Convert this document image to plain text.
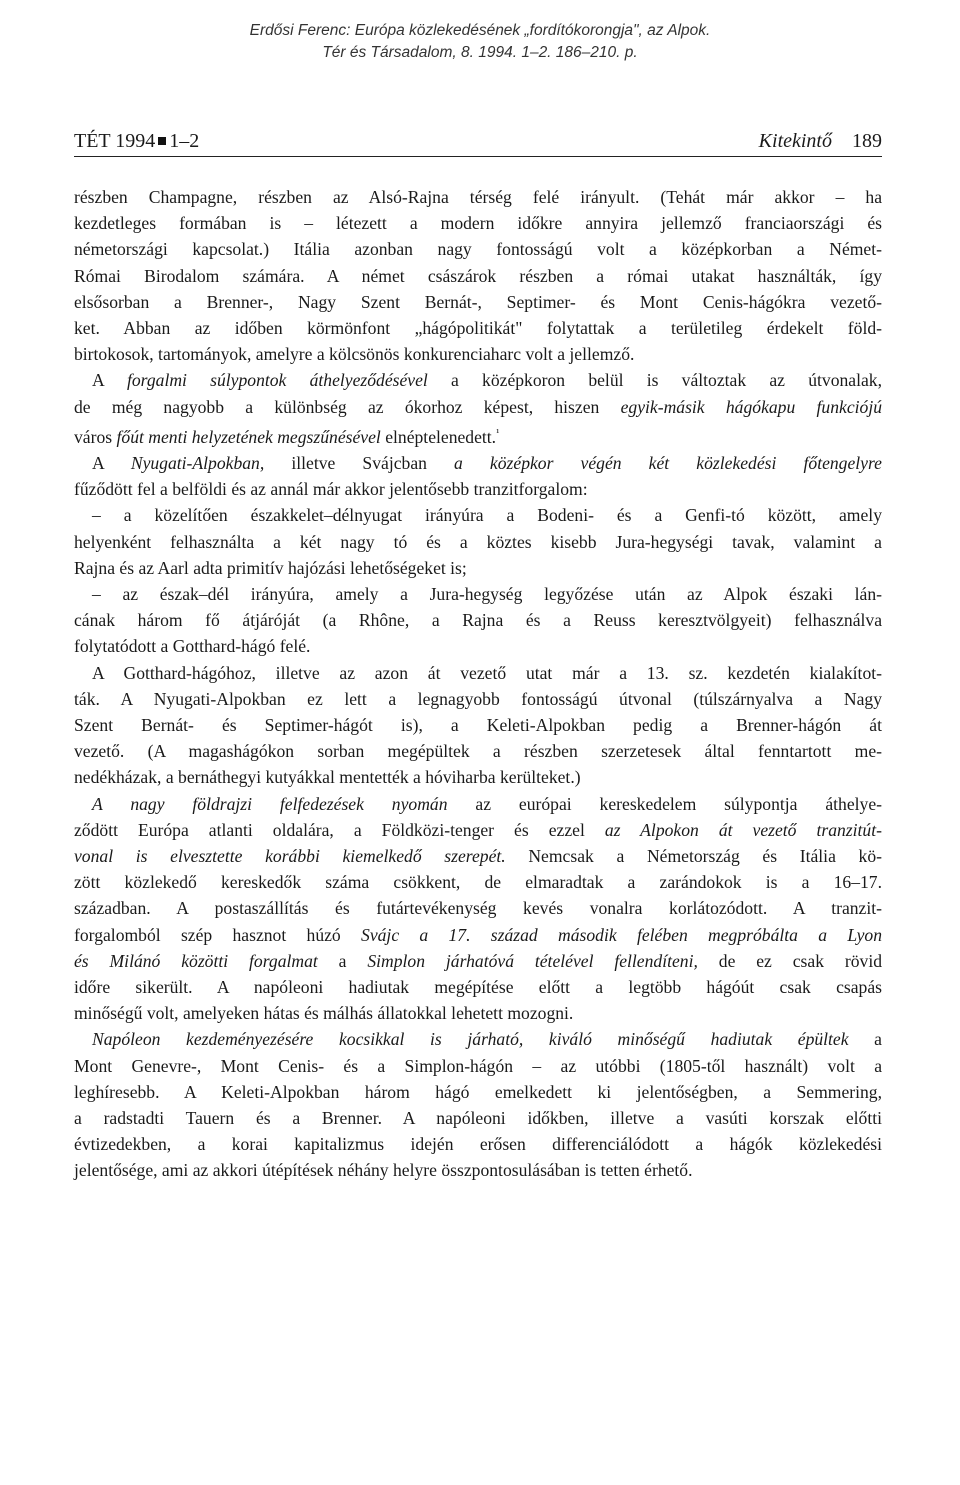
Erdősi Ferenc: Európa közlekedésének „fordítókorongja", az Alpok.
Tér és Társadalom, 8. 1994. 1–2. 186–210. p.
TÉT 1994 1–2	Kitekintő 189
részben Champagne, részben az Alsó-Rajna térség felé irányult. (Tehát már akkor – ha
kezdetleges formában is – létezett a modern időkre annyira jellemző franciaországi és
németországi kapcsolat.) Itália azonban nagy fontosságú volt a középkorban a Német-
Római Birodalom számára. A német császárok részben a római utakat használták, így
elsősorban a Brenner-, Nagy Szent Bernát-, Septimer- és Mont Cenis-hágókra vezető-
ket. Abban az időben körmönfont „hágópolitikát" folytattak a területileg érdekelt föld-
birtokosok, tartományok, amelyre a kölcsönös konkurenciaharc volt a jellemző.
A forgalmi súlypontok áthelyeződésével a középkoron belül is változtak az útvonalak,
de még nagyobb a különbség az ókorhoz képest, hiszen egyik-másik hágókapu funkciójú
város főút menti helyzetének megszűnésével elnéptelenedett.$^{^1}$
A Nyugati-Alpokban, illetve Svájcban a középkor végén két közlekedési főtengelyre
fűződött fel a belföldi és az annál már akkor jelentősebb tranzitforgalom:
– a közelítően északkelet–délnyugat irányúra a Bodeni- és a Genfi-tó között, amely
helyenként felhasználta a két nagy tó és a köztes kisebb Jura-hegységi tavak, valamint a
Rajna és az Aarl adta primitív hajózási lehetőségeket is;
– az észak–dél irányúra, amely a Jura-hegység legyőzése után az Alpok északi lán-
cának három fő átjáróját (a Rhône, a Rajna és a Reuss keresztvölgyeit) felhasználva
folytatódott a Gotthard-hágó felé.
A Gotthard-hágóhoz, illetve az azon át vezető utat már a 13. sz. kezdetén kialakítot-
ták. A Nyugati-Alpokban ez lett a legnagyobb fontosságú útvonal (túlszárnyalva a Nagy
Szent Bernát- és Septimer-hágót is), a Keleti-Alpokban pedig a Brenner-hágón át
vezető. (A magashágókon sorban megépültek a részben szerzetesek által fenntartott me-
nedékházak, a bernáthegyi kutyákkal mentették a hóviharba kerülteket.)
A nagy földrajzi felfedezések nyomán az európai kereskedelem súlypontja áthelye-
ződött Európa atlanti oldalára, a Földközi-tenger és ezzel az Alpokon át vezető tranzitút-
vonal is elvesztette korábbi kiemelkedő szerepét. Nemcsak a Németország és Itália kö-
zött közlekedő kereskedők száma csökkent, de elmaradtak a zarándokok is a 16–17.
században. A postaszállítás és futártevékenység kevés vonalra korlátozódott. A tranzit-
forgalomból szép hasznot húzó Svájc a 17. század második felében megpróbálta a Lyon
és Milánó közötti forgalmat a Simplon járhatóvá tételével fellendíteni, de ez csak rövid
időre sikerült. A napóleoni hadiutak megépítése előtt a legtöbb hágóút csak csapás
minőségű volt, amelyeken hátas és málhás állatokkal lehetett mozogni.
Napóleon kezdeményezésére kocsikkal is járható, kiváló minőségű hadiutak épültek a
Mont Genevre-, Mont Cenis- és a Simplon-hágón – az utóbbi (1805-től használt) volt a
leghíresebb. A Keleti-Alpokban három hágó emelkedett ki jelentőségben, a Semmering,
a radstadti Tauern és a Brenner. A napóleoni időkben, illetve a vasúti korszak előtti
évtizedekben, a korai kapitalizmus idején erősen differenciálódott a hágók közlekedési
jelentősége, ami az akkori útépítések néhány helyre összpontosulásában is tetten érhető.
